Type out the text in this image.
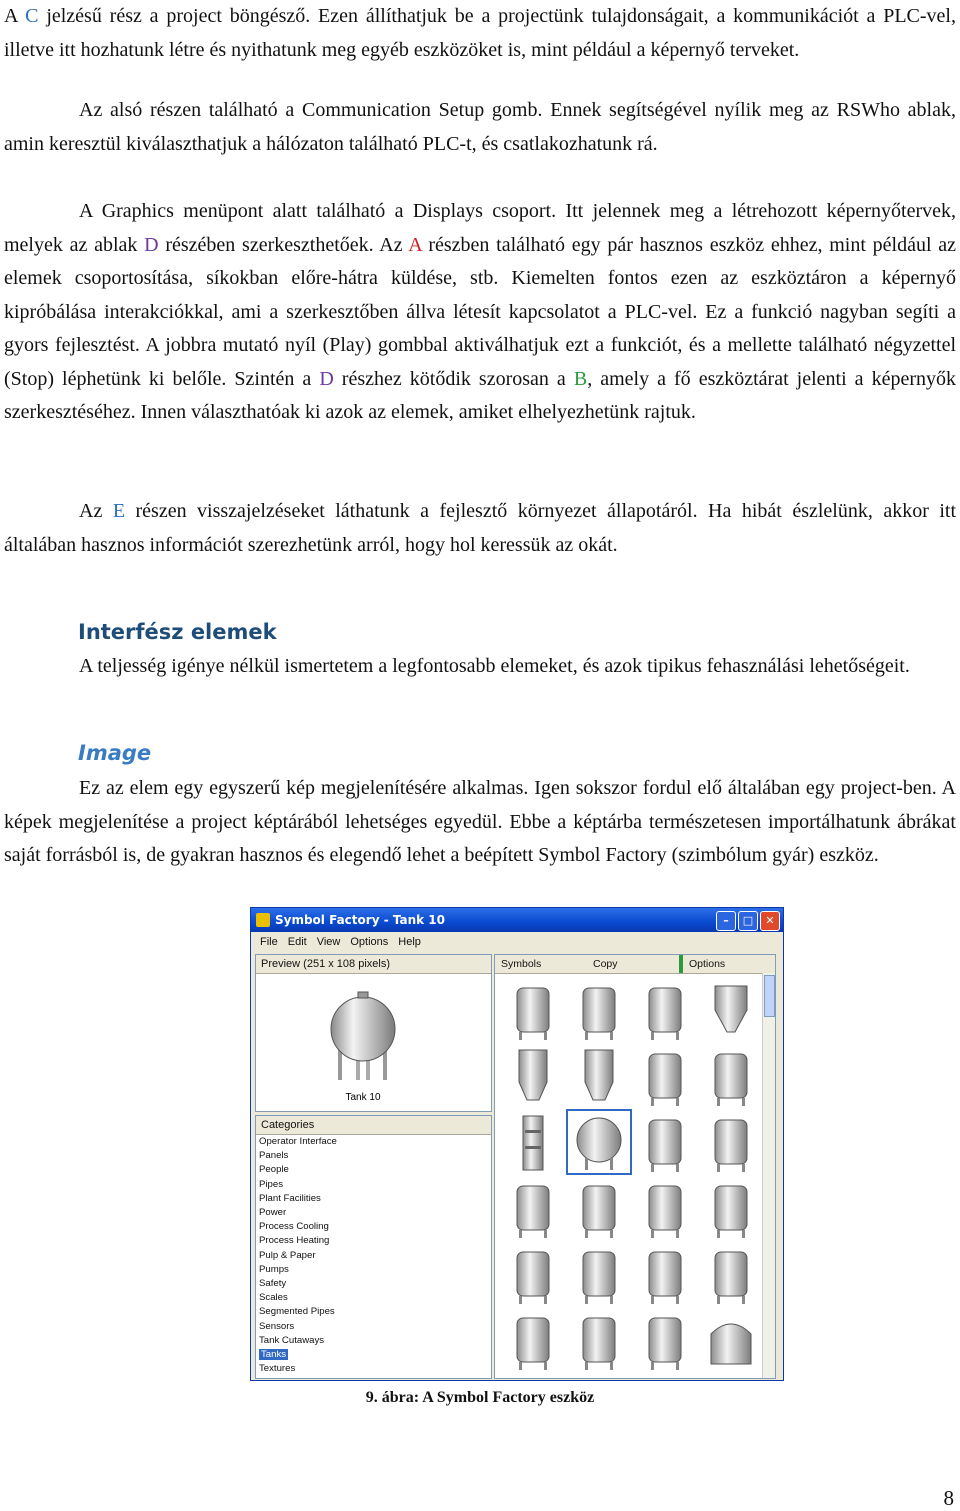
A C jelzésű rész a project böngésző. Ezen állíthatjuk be a projectünk tulajdonságait, a kommunikációt a PLC-vel, illetve itt hozhatunk létre és nyithatunk meg egyéb eszközöket is, mint például a képernyő terveket.

Az alsó részen található a Communication Setup gomb. Ennek segítségével nyílik meg az RSWho ablak, amin keresztül kiválaszthatjuk a hálózaton található PLC-t, és csatlakozhatunk rá.

A Graphics menüpont alatt található a Displays csoport. Itt jelennek meg a létrehozott képernyőtervek, melyek az ablak D részében szerkeszthetőek. Az A részben található egy pár hasznos eszköz ehhez, mint például az elemek csoportosítása, síkokban előre-hátra küldése, stb. Kiemelten fontos ezen az eszköztáron a képernyő kipróbálása interakciókkal, ami a szerkesztőben állva létesít kapcsolatot a PLC-vel. Ez a funkció nagyban segíti a gyors fejlesztést. A jobbra mutató nyíl (Play) gombbal aktiválhatjuk ezt a funkciót, és a mellette található négyzettel (Stop) léphetünk ki belőle. Szintén a D részhez kötődik szorosan a B, amely a fő eszköztárat jelenti a képernyők szerkesztéséhez. Innen választhatóak ki azok az elemek, amiket elhelyezhetünk rajtuk.

Az E részen visszajelzéseket láthatunk a fejlesztő környezet állapotáról. Ha hibát észlelünk, akkor itt általában hasznos információt szerezhetünk arról, hogy hol keressük az okát.

Interfész elemek

A teljesség igénye nélkül ismertetem a legfontosabb elemeket, és azok tipikus fehasználási lehetőségeit.

Image

Ez az elem egy egyszerű kép megjelenítésére alkalmas. Igen sokszor fordul elő általában egy project-ben. A képek megjelenítése a project képtárából lehetséges egyedül. Ebbe a képtárba természetesen importálhatunk ábrákat saját forrásból is, de gyakran hasznos és elegendő lehet a beépített Symbol Factory (szimbólum gyár) eszköz.

Symbol Factory - Tank 10	–	□	✕
File Edit View Options Help
Preview (251 x 108 pixels)
Tank 10
Categories
Operator Interface
Panels
People
Pipes
Plant Facilities
Power
Process Cooling
Process Heating
Pulp & Paper
Pumps
Safety
Scales
Segmented Pipes
Sensors
Tank Cutaways
Tanks
Textures
Symbols	Copy	Options
9. ábra: A Symbol Factory eszköz
8
